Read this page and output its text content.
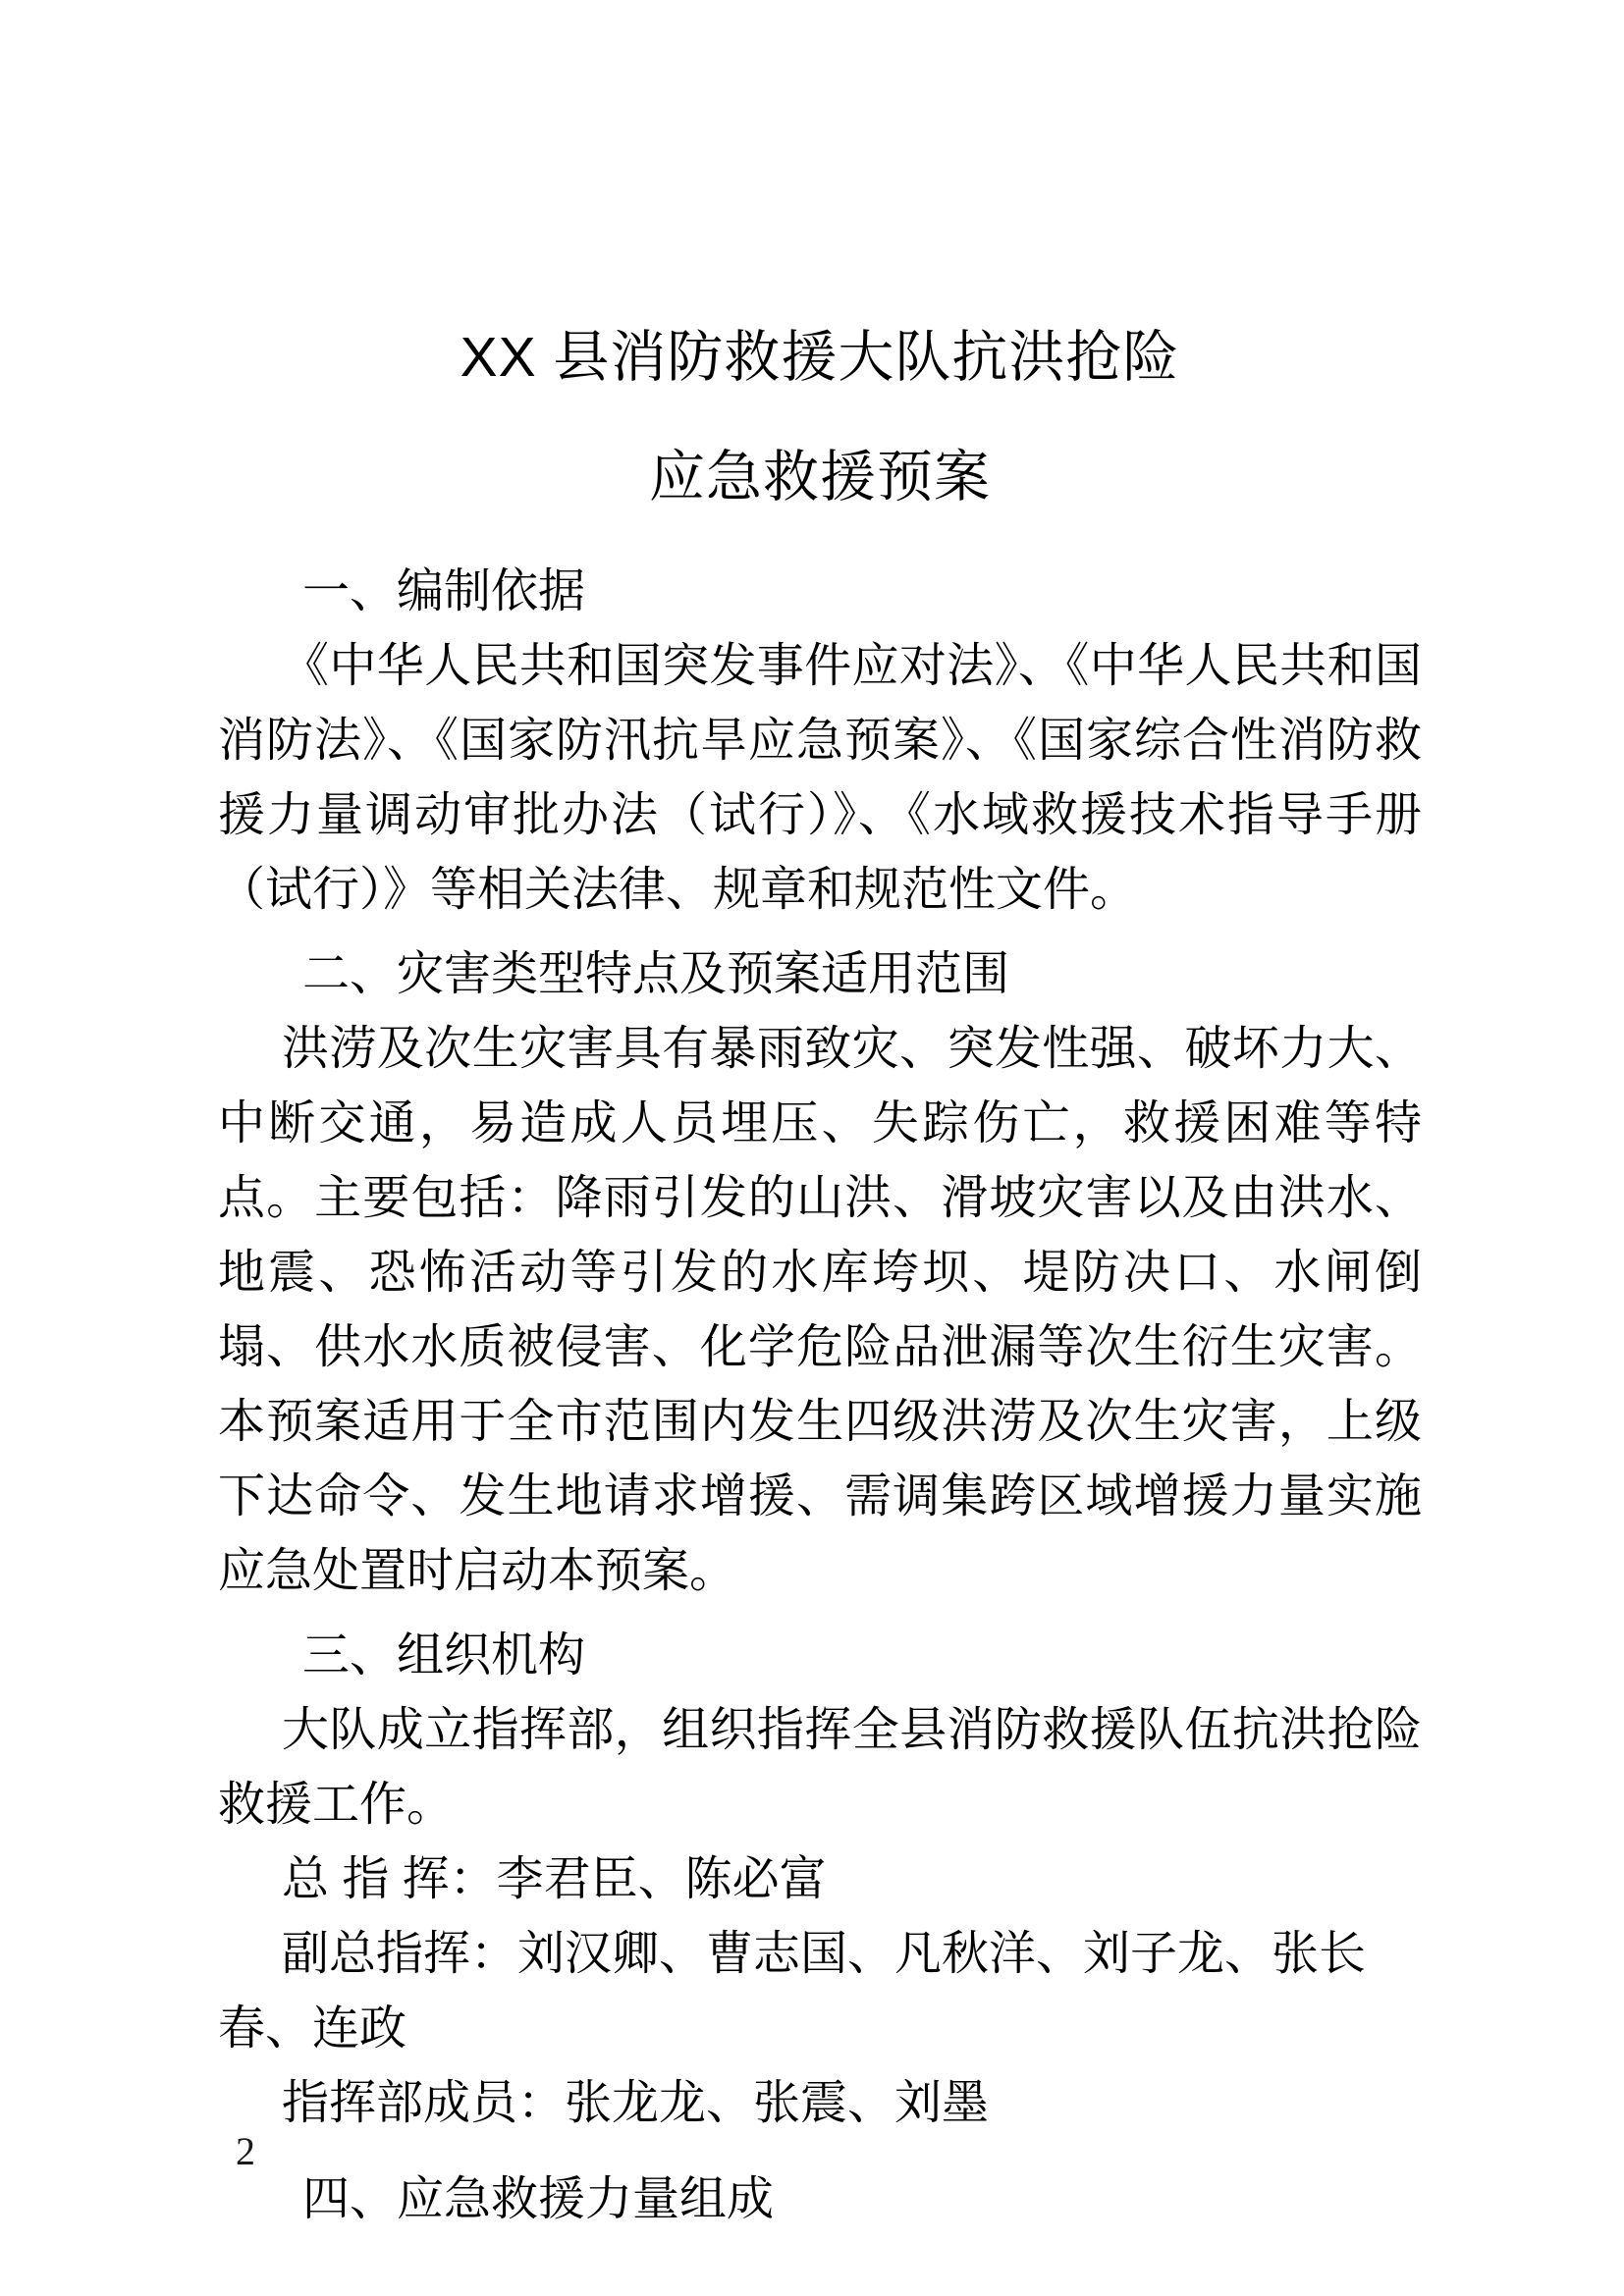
XX 县消防救援大队抗洪抢险
应急救援预案
一、编制依据

《中华人民共和国突发事件应对法》、《中华人民共和国消防法》、《国家防汛抗旱应急预案》、《国家综合性消防救援力量调动审批办法（试行）》、《水域救援技术指导手册（试行）》等相关法律、规章和规范性文件。

二、灾害类型特点及预案适用范围

洪涝及次生灾害具有暴雨致灾、突发性强、破坏力大、中断交通，易造成人员埋压、失踪伤亡，救援困难等特点。主要包括：降雨引发的山洪、滑坡灾害以及由洪水、地震、恐怖活动等引发的水库垮坝、堤防决口、水闸倒塌、供水水质被侵害、化学危险品泄漏等次生衍生灾害。本预案适用于全市范围内发生四级洪涝及次生灾害，上级下达命令、发生地请求增援、需调集跨区域增援力量实施应急处置时启动本预案。

三、组织机构

大队成立指挥部，组织指挥全县消防救援队伍抗洪抢险救援工作。

总 指 挥：李君臣、陈必富
副总指挥：刘汉卿、曹志国、凡秋洋、刘子龙、张长春、连政
指挥部成员：张龙龙、张震、刘墨
四、应急救援力量组成
2
